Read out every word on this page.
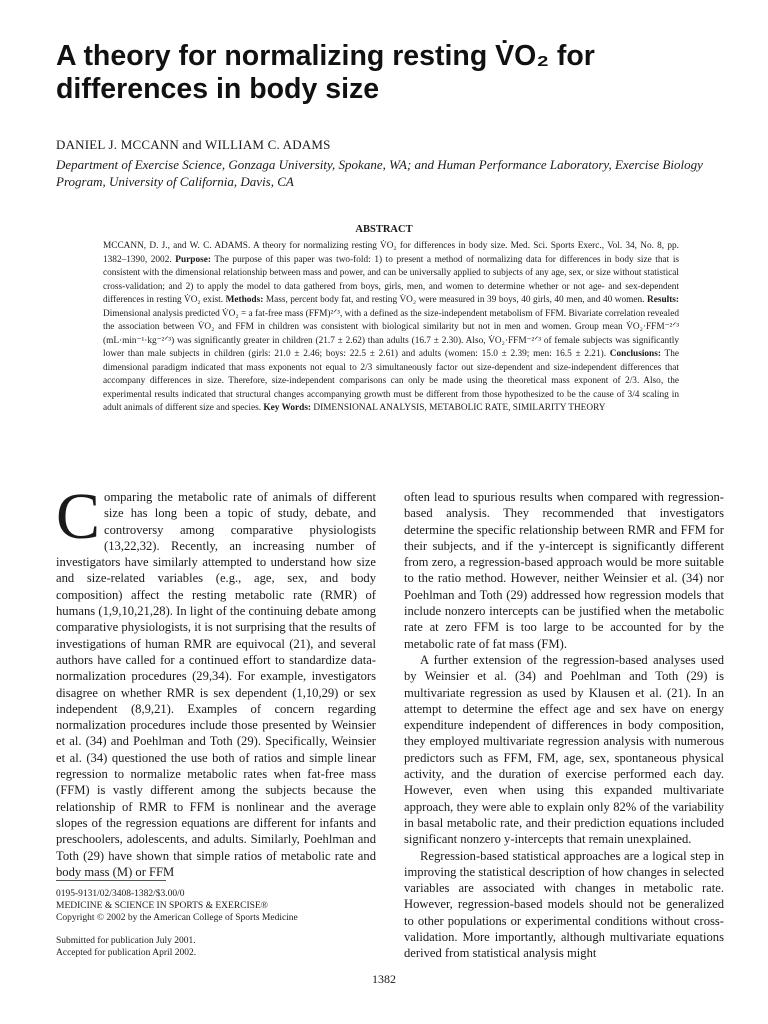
A theory for normalizing resting V̇O₂ for
differences in body size

DANIEL J. MCCANN and WILLIAM C. ADAMS

Department of Exercise Science, Gonzaga University, Spokane, WA; and Human Performance Laboratory, Exercise Biology Program, University of California, Davis, CA

ABSTRACT

MCCANN, D. J., and W. C. ADAMS. A theory for normalizing resting V̇O₂ for differences in body size. Med. Sci. Sports Exerc., Vol. 34, No. 8, pp. 1382–1390, 2002. Purpose: The purpose of this paper was two-fold: 1) to present a method of normalizing data for differences in body size that is consistent with the dimensional relationship between mass and power, and can be universally applied to subjects of any age, sex, or size without statistical cross-validation; and 2) to apply the model to data gathered from boys, girls, men, and women to determine whether or not age- and sex-dependent differences in resting V̇O₂ exist. Methods: Mass, percent body fat, and resting V̇O₂ were measured in 39 boys, 40 girls, 40 men, and 40 women. Results: Dimensional analysis predicted V̇O₂ = a fat-free mass (FFM)²ᐟ³, with a defined as the size-independent metabolism of FFM. Bivariate correlation revealed the association between V̇O₂ and FFM in children was consistent with biological similarity but not in men and women. Group mean V̇O₂·FFM⁻²ᐟ³ (mL·min⁻¹·kg⁻²ᐟ³) was significantly greater in children (21.7 ± 2.62) than adults (16.7 ± 2.30). Also, V̇O₂·FFM⁻²ᐟ³ of female subjects was significantly lower than male subjects in children (girls: 21.0 ± 2.46; boys: 22.5 ± 2.61) and adults (women: 15.0 ± 2.39; men: 16.5 ± 2.21). Conclusions: The dimensional paradigm indicated that mass exponents not equal to 2/3 simultaneously factor out size-dependent and size-independent differences that accompany differences in size. Therefore, size-independent comparisons can only be made using the theoretical mass exponent of 2/3. Also, the experimental results indicated that structural changes accompanying growth must be different from those hypothesized to be the cause of 3/4 scaling in adult animals of different size and species. Key Words: DIMENSIONAL ANALYSIS, METABOLIC RATE, SIMILARITY THEORY

Comparing the metabolic rate of animals of different size has long been a topic of study, debate, and controversy among comparative physiologists (13,22,32). Recently, an increasing number of investigators have similarly attempted to understand how size and size-related variables (e.g., age, sex, and body composition) affect the resting metabolic rate (RMR) of humans (1,9,10,21,28). In light of the continuing debate among comparative physiologists, it is not surprising that the results of investigations of human RMR are equivocal (21), and several authors have called for a continued effort to standardize data-normalization procedures (29,34). For example, investigators disagree on whether RMR is sex dependent (1,10,29) or sex independent (8,9,21). Examples of concern regarding normalization procedures include those presented by Weinsier et al. (34) and Poehlman and Toth (29). Specifically, Weinsier et al. (34) questioned the use both of ratios and simple linear regression to normalize metabolic rates when fat-free mass (FFM) is vastly different among the subjects because the relationship of RMR to FFM is nonlinear and the average slopes of the regression equations are different for infants and preschoolers, adolescents, and adults. Similarly, Poehlman and Toth (29) have shown that simple ratios of metabolic rate and body mass (M) or FFM

often lead to spurious results when compared with regression-based analysis. They recommended that investigators determine the specific relationship between RMR and FFM for their subjects, and if the y-intercept is significantly different from zero, a regression-based approach would be more suitable to the ratio method. However, neither Weinsier et al. (34) nor Poehlman and Toth (29) addressed how regression models that include nonzero intercepts can be justified when the metabolic rate at zero FFM is too large to be accounted for by the metabolic rate of fat mass (FM).

A further extension of the regression-based analyses used by Weinsier et al. (34) and Poehlman and Toth (29) is multivariate regression as used by Klausen et al. (21). In an attempt to determine the effect age and sex have on energy expenditure independent of differences in body composition, they employed multivariate regression analysis with numerous predictors such as FFM, FM, age, sex, spontaneous physical activity, and the duration of exercise performed each day. However, even when using this expanded multivariate approach, they were able to explain only 82% of the variability in basal metabolic rate, and their prediction equations included significant nonzero y-intercepts that remain unexplained.

Regression-based statistical approaches are a logical step in improving the statistical description of how changes in selected variables are associated with changes in metabolic rate. However, regression-based models should not be generalized to other populations or experimental conditions without cross-validation. More importantly, although multivariate equations derived from statistical analysis might

0195-9131/02/3408-1382/$3.00/0

MEDICINE & SCIENCE IN SPORTS & EXERCISE®

Copyright © 2002 by the American College of Sports Medicine

Submitted for publication July 2001.

Accepted for publication April 2002.

1382
